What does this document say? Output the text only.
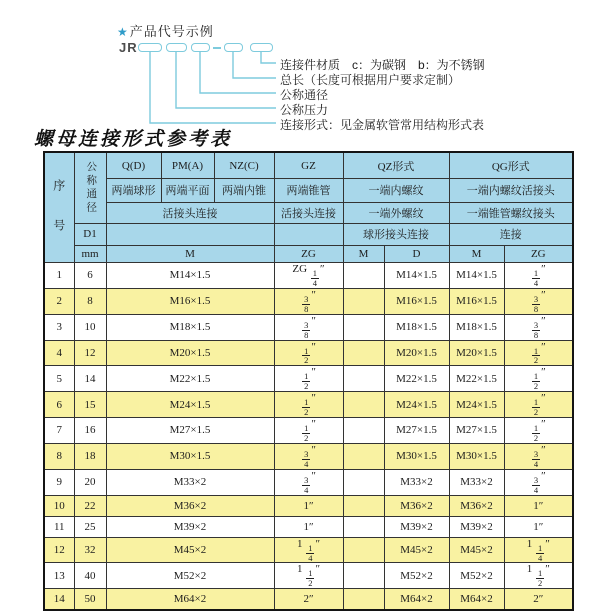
★产品代号示例
JR
连接件材质　c：为碳钢　b：为不锈钢
总长（长度可根据用户要求定制）
公称通径
公称压力
连接形式：见金属软管常用结构形式表
螺母连接形式参考表
序号	公称通径	Q(D)	PM(A)	NZ(C)	GZ	QZ形式		QG形式	
		两端球形	两端平面	两端内锥	两端锥管	一端内螺纹		一端内螺纹活接头	
		活接头连接			活接头连接	一端外螺纹		一端锥管螺纹接头	
	D1					球形接头连接		连接	
	mm	M			ZG	M	D	M	ZG
1	6	M14×1.5			ZG $\frac{1}{4}$ ″		M14×1.5	M14×1.5	$\frac{1}{4}$ ″
2	8	M16×1.5			$\frac{3}{8}$ ″		M16×1.5	M16×1.5	$\frac{3}{8}$ ″
3	10	M18×1.5			$\frac{3}{8}$ ″		M18×1.5	M18×1.5	$\frac{3}{8}$ ″
4	12	M20×1.5			$\frac{1}{2}$ ″		M20×1.5	M20×1.5	$\frac{1}{2}$ ″
5	14	M22×1.5			$\frac{1}{2}$ ″		M22×1.5	M22×1.5	$\frac{1}{2}$ ″
6	15	M24×1.5			$\frac{1}{2}$ ″		M24×1.5	M24×1.5	$\frac{1}{2}$ ″
7	16	M27×1.5			$\frac{1}{2}$ ″		M27×1.5	M27×1.5	$\frac{1}{2}$ ″
8	18	M30×1.5			$\frac{3}{4}$ ″		M30×1.5	M30×1.5	$\frac{3}{4}$ ″
9	20	M33×2			$\frac{3}{4}$ ″		M33×2	M33×2	$\frac{3}{4}$ ″
10	22	M36×2			1″		M36×2	M36×2	1″
11	25	M39×2			1″		M39×2	M39×2	1″
12	32	M45×2			$1 \frac{1}{4}$ ″		M45×2	M45×2	$1 \frac{1}{4}$ ″
13	40	M52×2			$1 \frac{1}{2}$ ″		M52×2	M52×2	$1 \frac{1}{2}$ ″
14	50	M64×2			2″		M64×2	M64×2	2″
